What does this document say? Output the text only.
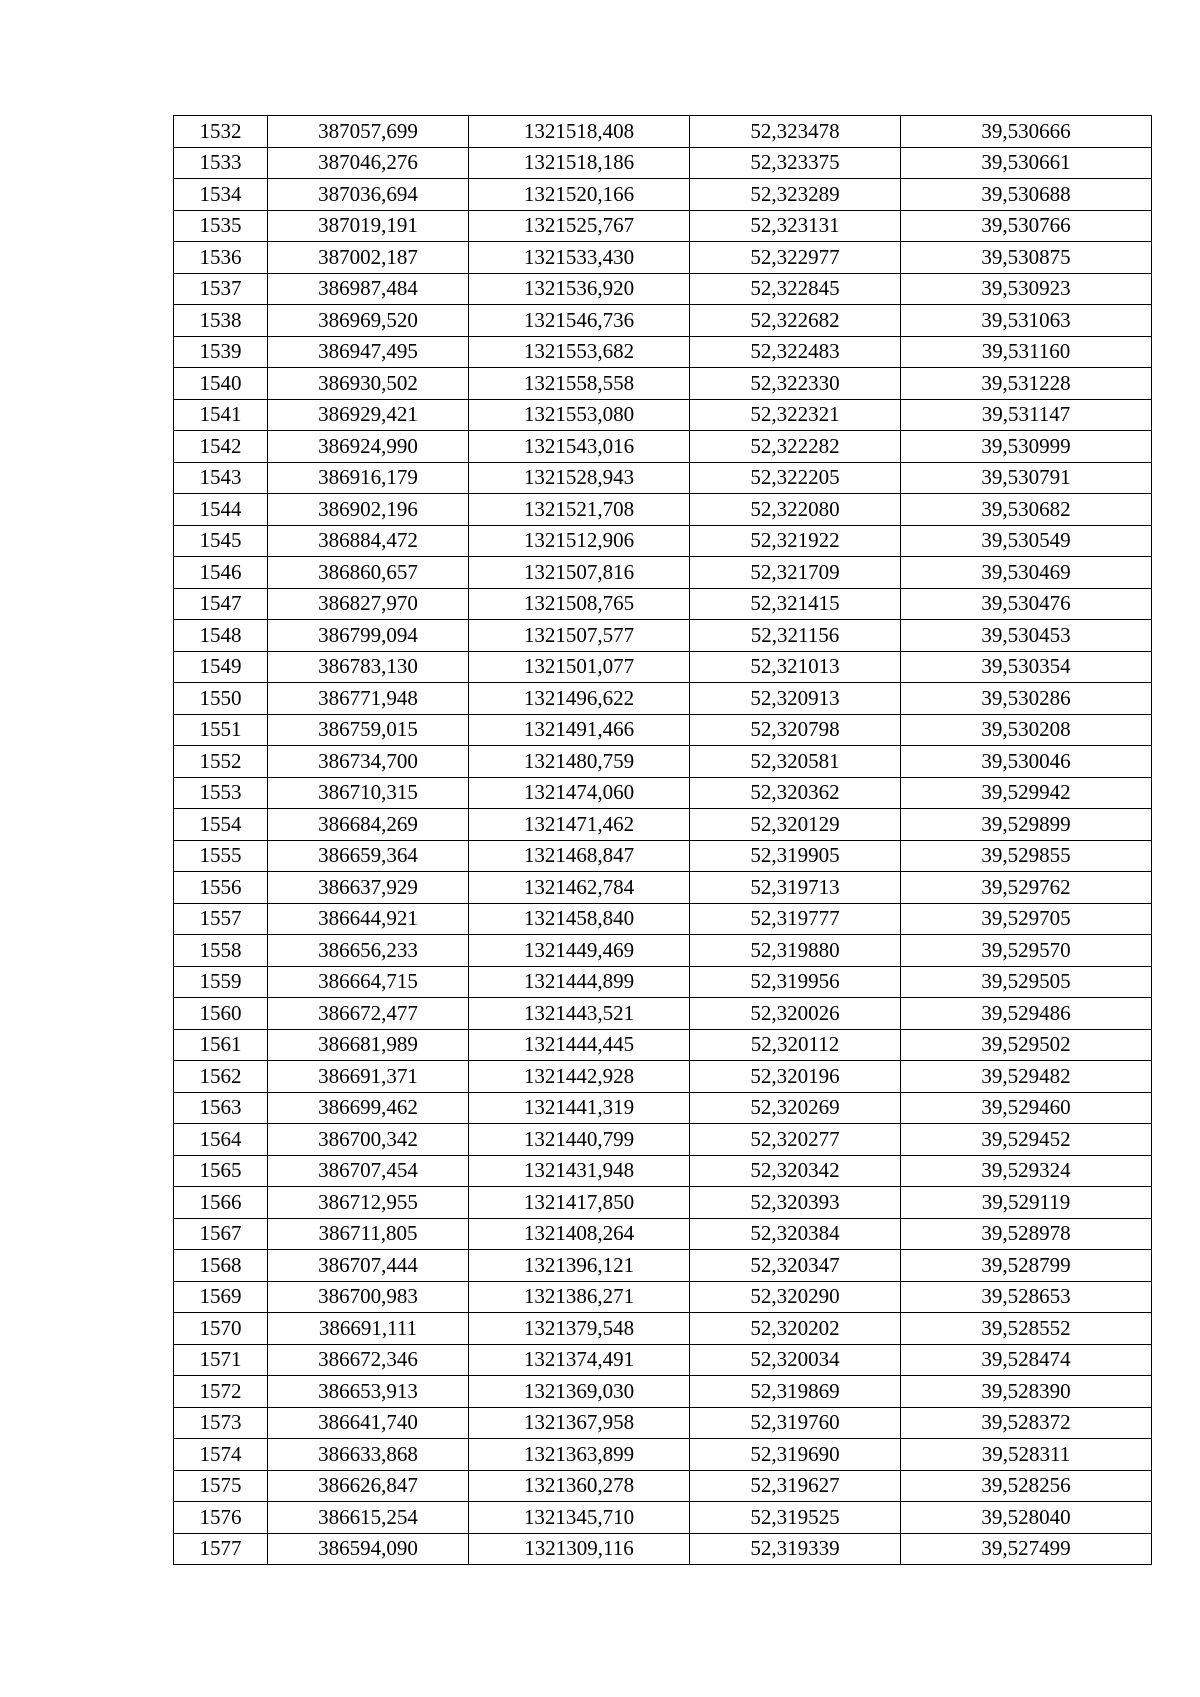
1532	387057,699	1321518,408	52,323478	39,530666
1533	387046,276	1321518,186	52,323375	39,530661
1534	387036,694	1321520,166	52,323289	39,530688
1535	387019,191	1321525,767	52,323131	39,530766
1536	387002,187	1321533,430	52,322977	39,530875
1537	386987,484	1321536,920	52,322845	39,530923
1538	386969,520	1321546,736	52,322682	39,531063
1539	386947,495	1321553,682	52,322483	39,531160
1540	386930,502	1321558,558	52,322330	39,531228
1541	386929,421	1321553,080	52,322321	39,531147
1542	386924,990	1321543,016	52,322282	39,530999
1543	386916,179	1321528,943	52,322205	39,530791
1544	386902,196	1321521,708	52,322080	39,530682
1545	386884,472	1321512,906	52,321922	39,530549
1546	386860,657	1321507,816	52,321709	39,530469
1547	386827,970	1321508,765	52,321415	39,530476
1548	386799,094	1321507,577	52,321156	39,530453
1549	386783,130	1321501,077	52,321013	39,530354
1550	386771,948	1321496,622	52,320913	39,530286
1551	386759,015	1321491,466	52,320798	39,530208
1552	386734,700	1321480,759	52,320581	39,530046
1553	386710,315	1321474,060	52,320362	39,529942
1554	386684,269	1321471,462	52,320129	39,529899
1555	386659,364	1321468,847	52,319905	39,529855
1556	386637,929	1321462,784	52,319713	39,529762
1557	386644,921	1321458,840	52,319777	39,529705
1558	386656,233	1321449,469	52,319880	39,529570
1559	386664,715	1321444,899	52,319956	39,529505
1560	386672,477	1321443,521	52,320026	39,529486
1561	386681,989	1321444,445	52,320112	39,529502
1562	386691,371	1321442,928	52,320196	39,529482
1563	386699,462	1321441,319	52,320269	39,529460
1564	386700,342	1321440,799	52,320277	39,529452
1565	386707,454	1321431,948	52,320342	39,529324
1566	386712,955	1321417,850	52,320393	39,529119
1567	386711,805	1321408,264	52,320384	39,528978
1568	386707,444	1321396,121	52,320347	39,528799
1569	386700,983	1321386,271	52,320290	39,528653
1570	386691,111	1321379,548	52,320202	39,528552
1571	386672,346	1321374,491	52,320034	39,528474
1572	386653,913	1321369,030	52,319869	39,528390
1573	386641,740	1321367,958	52,319760	39,528372
1574	386633,868	1321363,899	52,319690	39,528311
1575	386626,847	1321360,278	52,319627	39,528256
1576	386615,254	1321345,710	52,319525	39,528040
1577	386594,090	1321309,116	52,319339	39,527499
